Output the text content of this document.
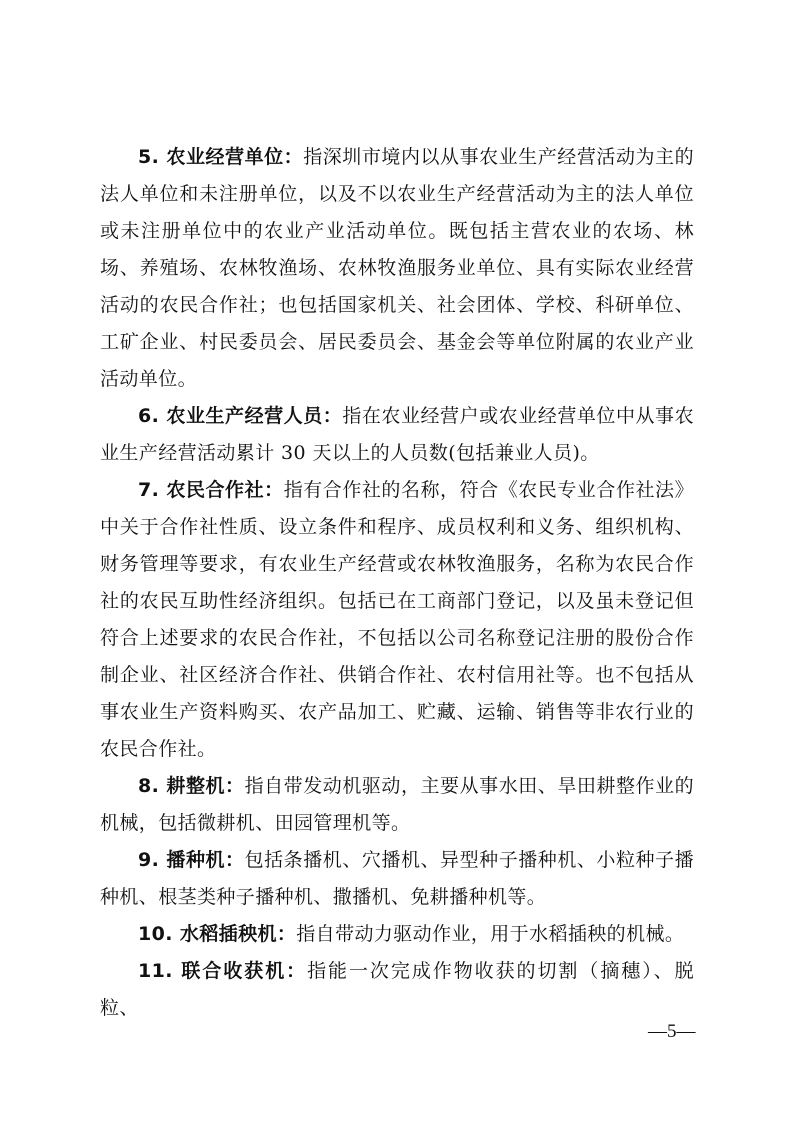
5. 农业经营单位：指深圳市境内以从事农业生产经营活动为主的法人单位和未注册单位，以及不以农业生产经营活动为主的法人单位或未注册单位中的农业产业活动单位。既包括主营农业的农场、林场、养殖场、农林牧渔场、农林牧渔服务业单位、具有实际农业经营活动的农民合作社；也包括国家机关、社会团体、学校、科研单位、工矿企业、村民委员会、居民委员会、基金会等单位附属的农业产业活动单位。

6. 农业生产经营人员：指在农业经营户或农业经营单位中从事农业生产经营活动累计 30 天以上的人员数(包括兼业人员)。

7. 农民合作社：指有合作社的名称，符合《农民专业合作社法》中关于合作社性质、设立条件和程序、成员权利和义务、组织机构、财务管理等要求，有农业生产经营或农林牧渔服务，名称为农民合作社的农民互助性经济组织。包括已在工商部门登记，以及虽未登记但符合上述要求的农民合作社，不包括以公司名称登记注册的股份合作制企业、社区经济合作社、供销合作社、农村信用社等。也不包括从事农业生产资料购买、农产品加工、贮藏、运输、销售等非农行业的农民合作社。

8. 耕整机：指自带发动机驱动，主要从事水田、旱田耕整作业的机械，包括微耕机、田园管理机等。

9. 播种机：包括条播机、穴播机、异型种子播种机、小粒种子播种机、根茎类种子播种机、撒播机、免耕播种机等。

10. 水稻插秧机：指自带动力驱动作业，用于水稻插秧的机械。

11. 联合收获机：指能一次完成作物收获的切割（摘穗）、脱粒、

—5—
